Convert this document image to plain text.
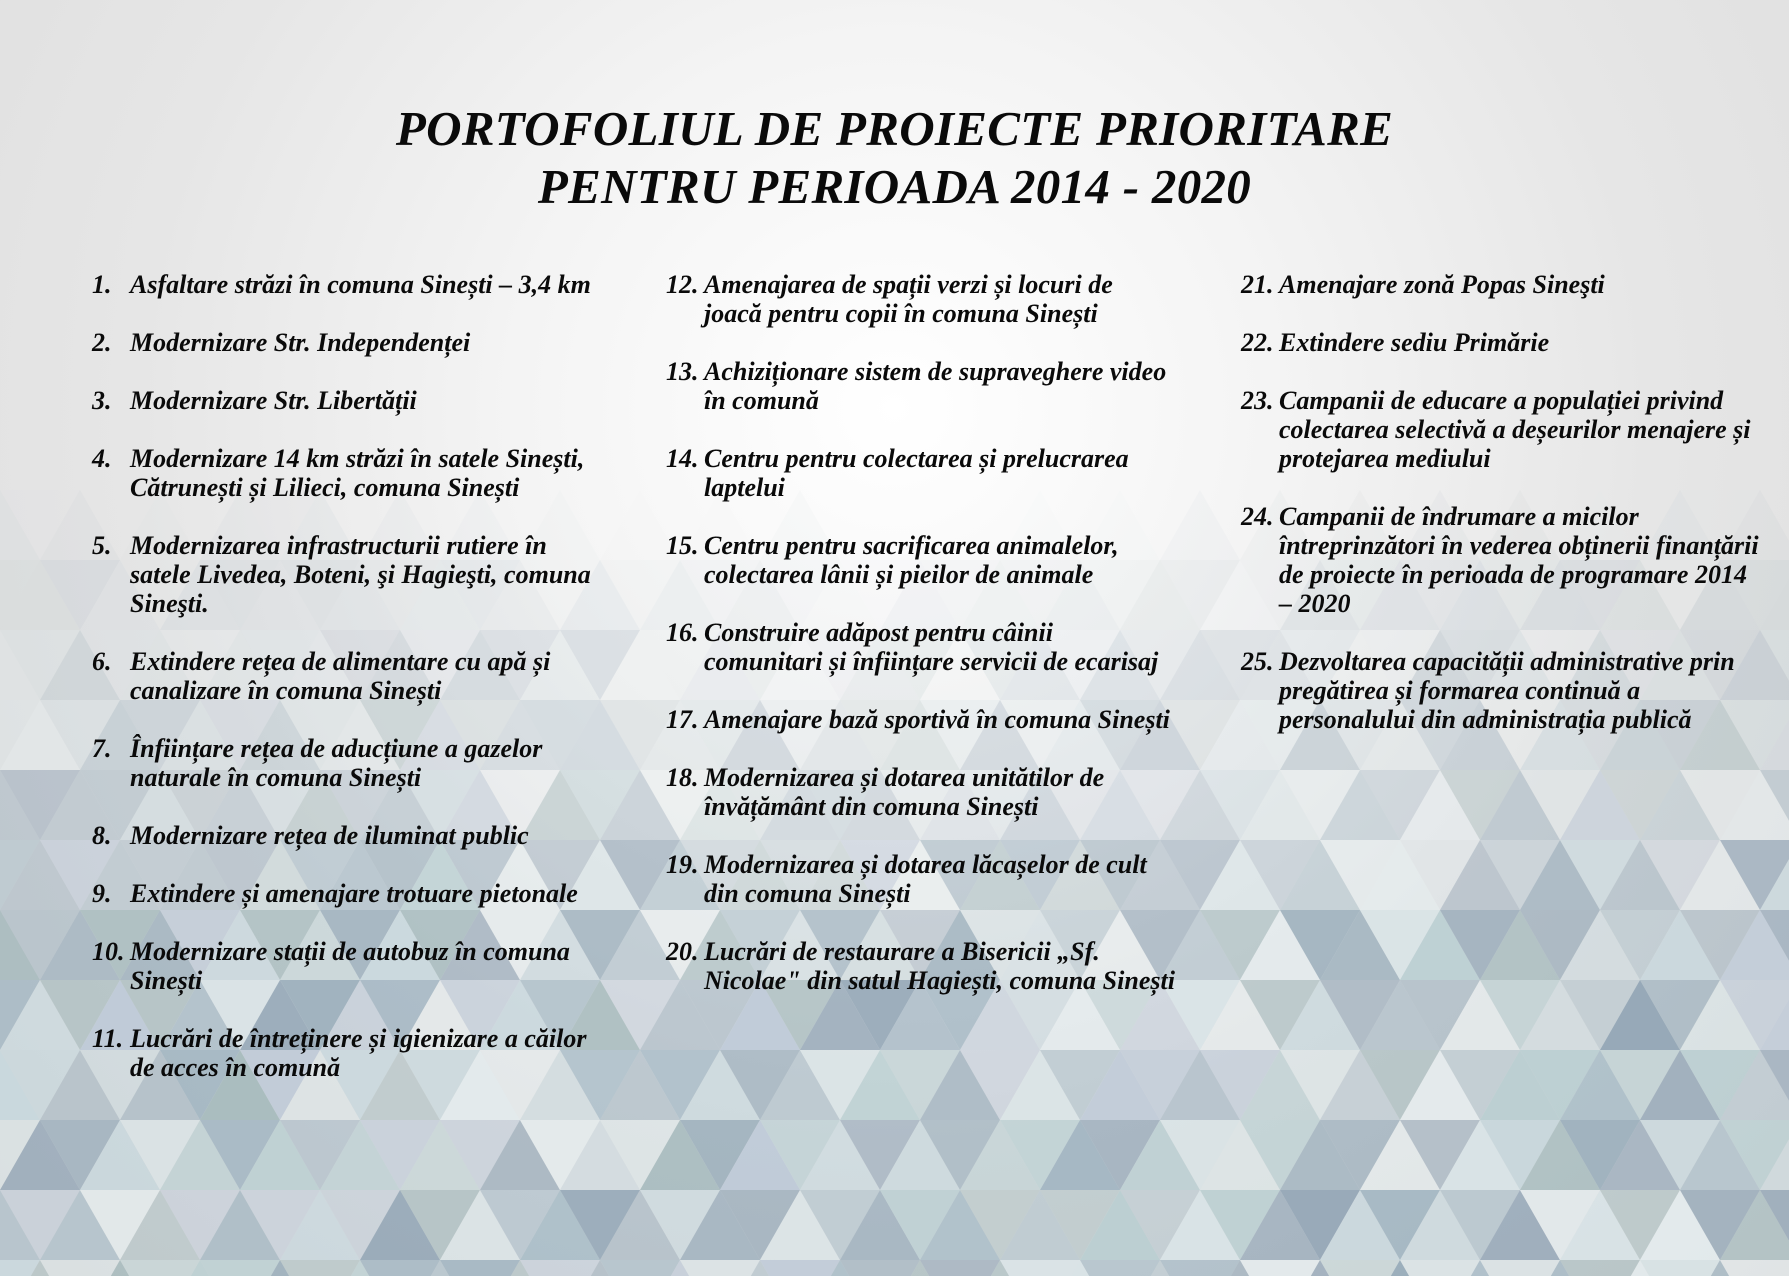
PORTOFOLIUL DE PROIECTE PRIORITARE
PENTRU PERIOADA 2014 - 2020
1. Asfaltare străzi în comuna Sinești – 3,4 km
2. Modernizare Str. Independenței
3. Modernizare Str. Libertății
4. Modernizare 14 km străzi în satele Sinești, Cătrunești și Lilieci, comuna Sinești
5. Modernizarea infrastructurii rutiere în satele Livedea, Boteni, şi Hagieşti, comuna Sineşti.
6. Extindere rețea de alimentare cu apă și canalizare în comuna Sinești
7. Înființare rețea de aducțiune a gazelor naturale în comuna Sinești
8. Modernizare rețea de iluminat public
9. Extindere și amenajare trotuare pietonale
10. Modernizare stații de autobuz în comuna Sinești
11. Lucrări de întreținere și igienizare a căilor de acces în comună
12. Amenajarea de spații verzi și locuri de joacă pentru copii în comuna Sinești
13. Achiziționare sistem de supraveghere video în comună
14. Centru pentru colectarea și prelucrarea laptelui
15. Centru pentru sacrificarea animalelor, colectarea lânii și pieilor de animale
16. Construire adăpost pentru câinii comunitari și înființare servicii de ecarisaj
17. Amenajare bază sportivă în comuna Sinești
18. Modernizarea și dotarea unitătilor de învățământ din comuna Sinești
19. Modernizarea și dotarea lăcașelor de cult din comuna Sinești
20. Lucrări de restaurare a Bisericii „Sf. Nicolae" din satul Hagiești, comuna Sinești
21. Amenajare zonă Popas Sineşti
22. Extindere sediu Primărie
23. Campanii de educare a populației privind colectarea selectivă a deșeurilor menajere și protejarea mediului
24. Campanii de îndrumare a micilor întreprinzători în vederea obținerii finanțării de proiecte în perioada de programare 2014 – 2020
25. Dezvoltarea capacității administrative prin pregătirea și formarea continuă a personalului din administrația publică
